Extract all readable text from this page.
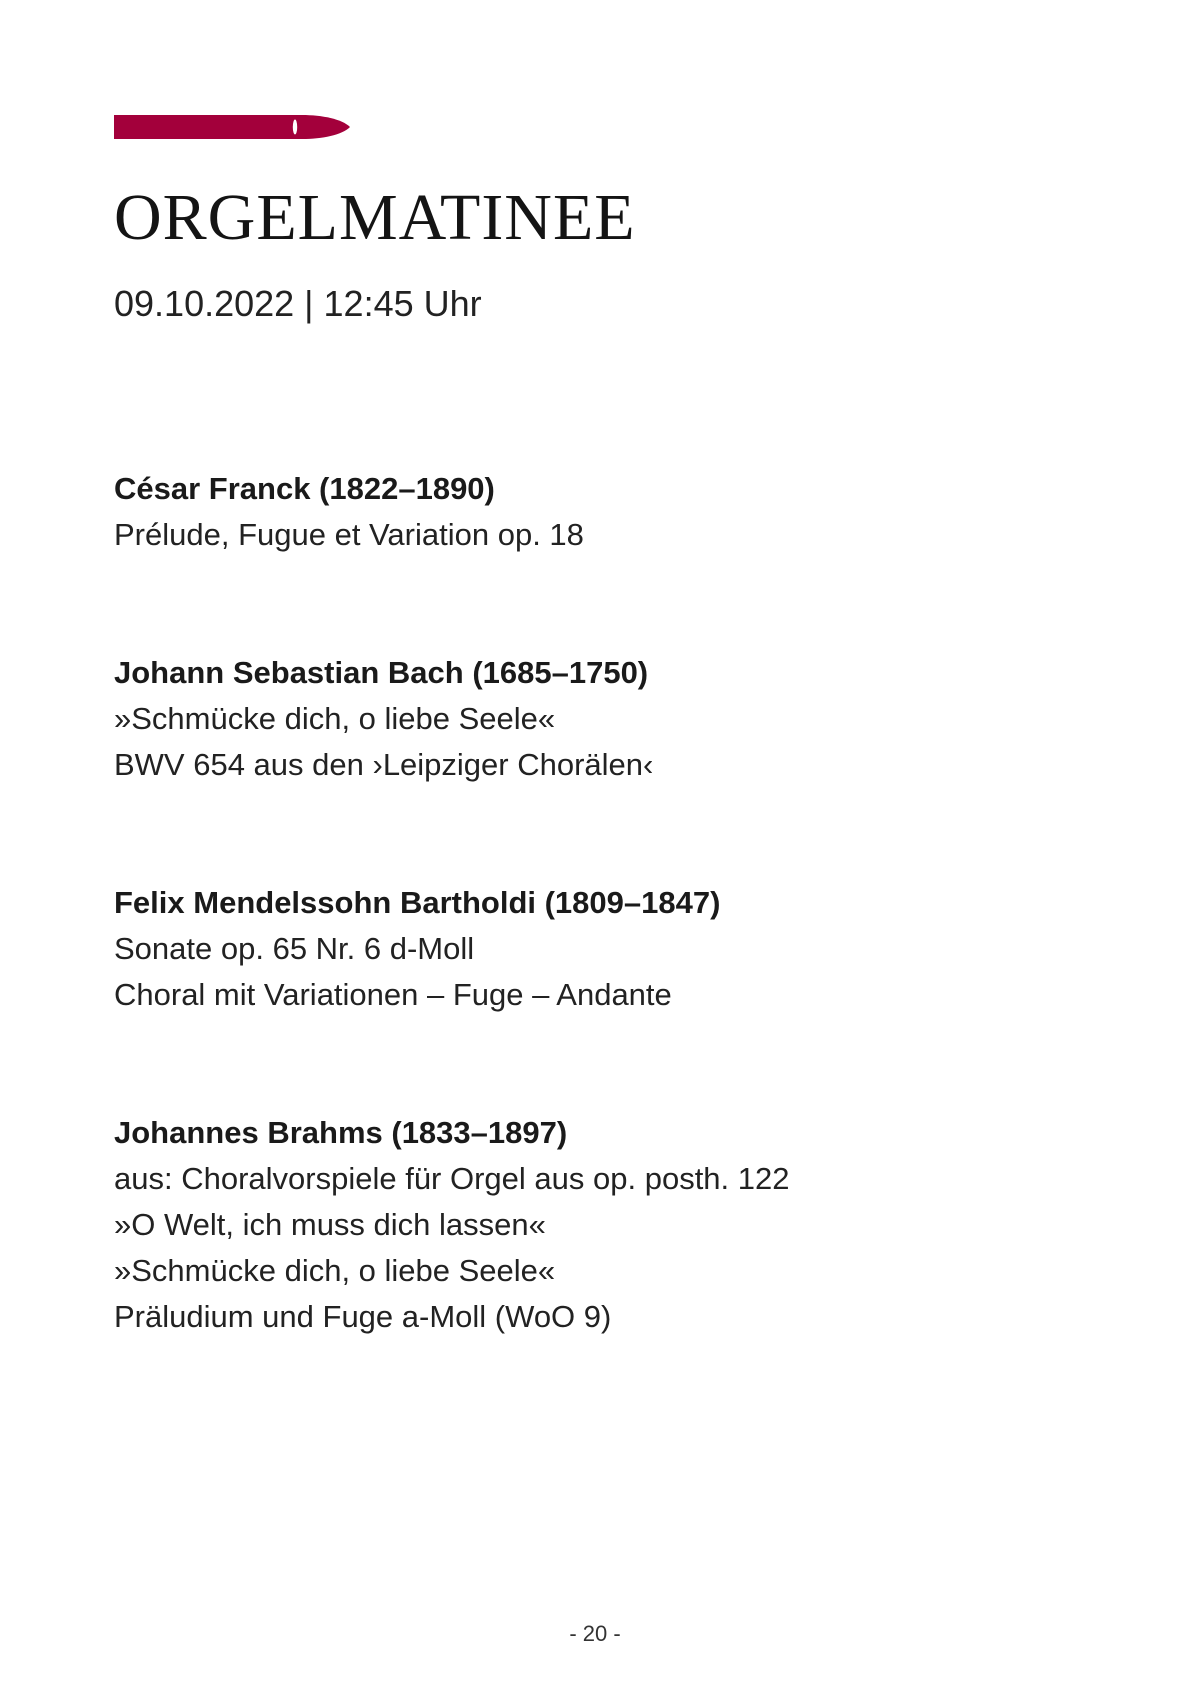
ORGELMATINEE
09.10.2022 | 12:45 Uhr
César Franck (1822–1890)
Prélude, Fugue et Variation op. 18
Johann Sebastian Bach (1685–1750)
»Schmücke dich, o liebe Seele«
BWV 654 aus den ›Leipziger Chorälen‹
Felix Mendelssohn Bartholdi (1809–1847)
Sonate op. 65 Nr. 6 d-Moll
Choral mit Variationen – Fuge – Andante
Johannes Brahms (1833–1897)
aus: Choralvorspiele für Orgel aus op. posth. 122
»O Welt, ich muss dich lassen«
»Schmücke dich, o liebe Seele«
Präludium und Fuge a-Moll (WoO 9)
- 20 -
